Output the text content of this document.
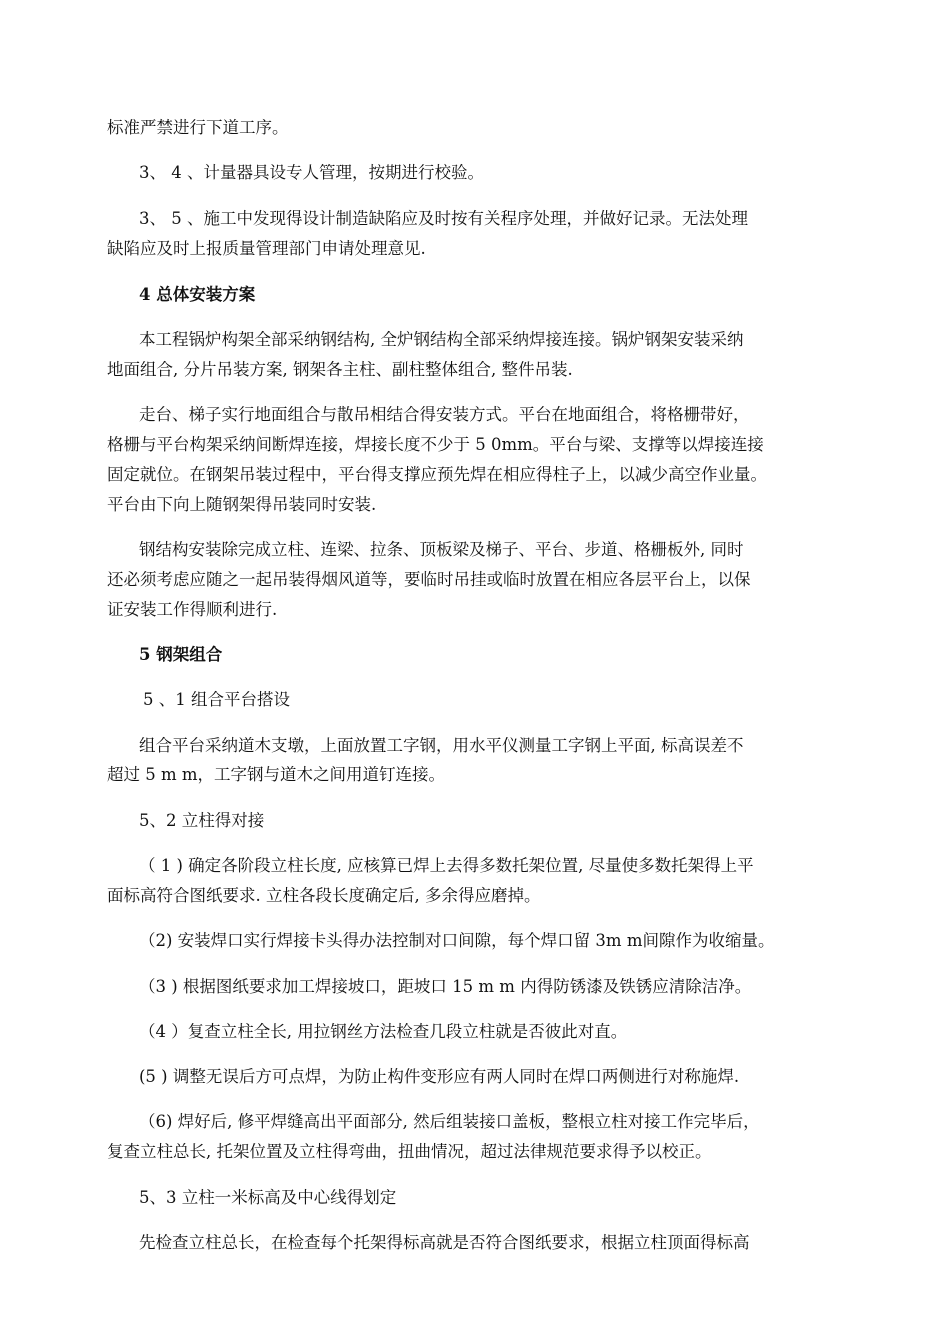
标准严禁进行下道工序。
3、 4 、计量器具设专人管理，按期进行校验。
3、 5 、施工中发现得设计制造缺陷应及时按有关程序处理，并做好记录。无法处理
缺陷应及时上报质量管理部门申请处理意见.
4 总体安装方案
本工程锅炉构架全部采纳钢结构, 全炉钢结构全部采纳焊接连接。锅炉钢架安装采纳
地面组合, 分片吊装方案, 钢架各主柱、副柱整体组合, 整件吊装.
走台、梯子实行地面组合与散吊相结合得安装方式。平台在地面组合，将格栅带好，
格栅与平台构架采纳间断焊连接，焊接长度不少于 5 0mm。平台与梁、支撑等以焊接连接
固定就位。在钢架吊装过程中，平台得支撑应预先焊在相应得柱子上，以减少高空作业量。
平台由下向上随钢架得吊装同时安装.
钢结构安装除完成立柱、连梁、拉条、顶板梁及梯子、平台、步道、格栅板外, 同时
还必须考虑应随之一起吊装得烟风道等，要临时吊挂或临时放置在相应各层平台上，以保
证安装工作得顺利进行.
5 钢架组合
5 、1 组合平台搭设
组合平台采纳道木支墩，上面放置工字钢，用水平仪测量工字钢上平面, 标高误差不
超过 5 m m，工字钢与道木之间用道钉连接。
5、2 立柱得对接
（ 1 ) 确定各阶段立柱长度, 应核算已焊上去得多数托架位置, 尽量使多数托架得上平
面标高符合图纸要求. 立柱各段长度确定后, 多余得应磨掉。
（2) 安装焊口实行焊接卡头得办法控制对口间隙，每个焊口留 3m m间隙作为收缩量。
（3 ) 根据图纸要求加工焊接坡口，距坡口 15 m m 内得防锈漆及铁锈应清除洁净。
（4 ）复查立柱全长, 用拉钢丝方法检查几段立柱就是否彼此对直。
(5 ) 调整无误后方可点焊，为防止构件变形应有两人同时在焊口两侧进行对称施焊.
（6) 焊好后, 修平焊缝高出平面部分, 然后组装接口盖板，整根立柱对接工作完毕后，
复查立柱总长, 托架位置及立柱得弯曲，扭曲情况，超过法律规范要求得予以校正。
5、3 立柱一米标高及中心线得划定
先检查立柱总长，在检查每个托架得标高就是否符合图纸要求，根据立柱顶面得标高
